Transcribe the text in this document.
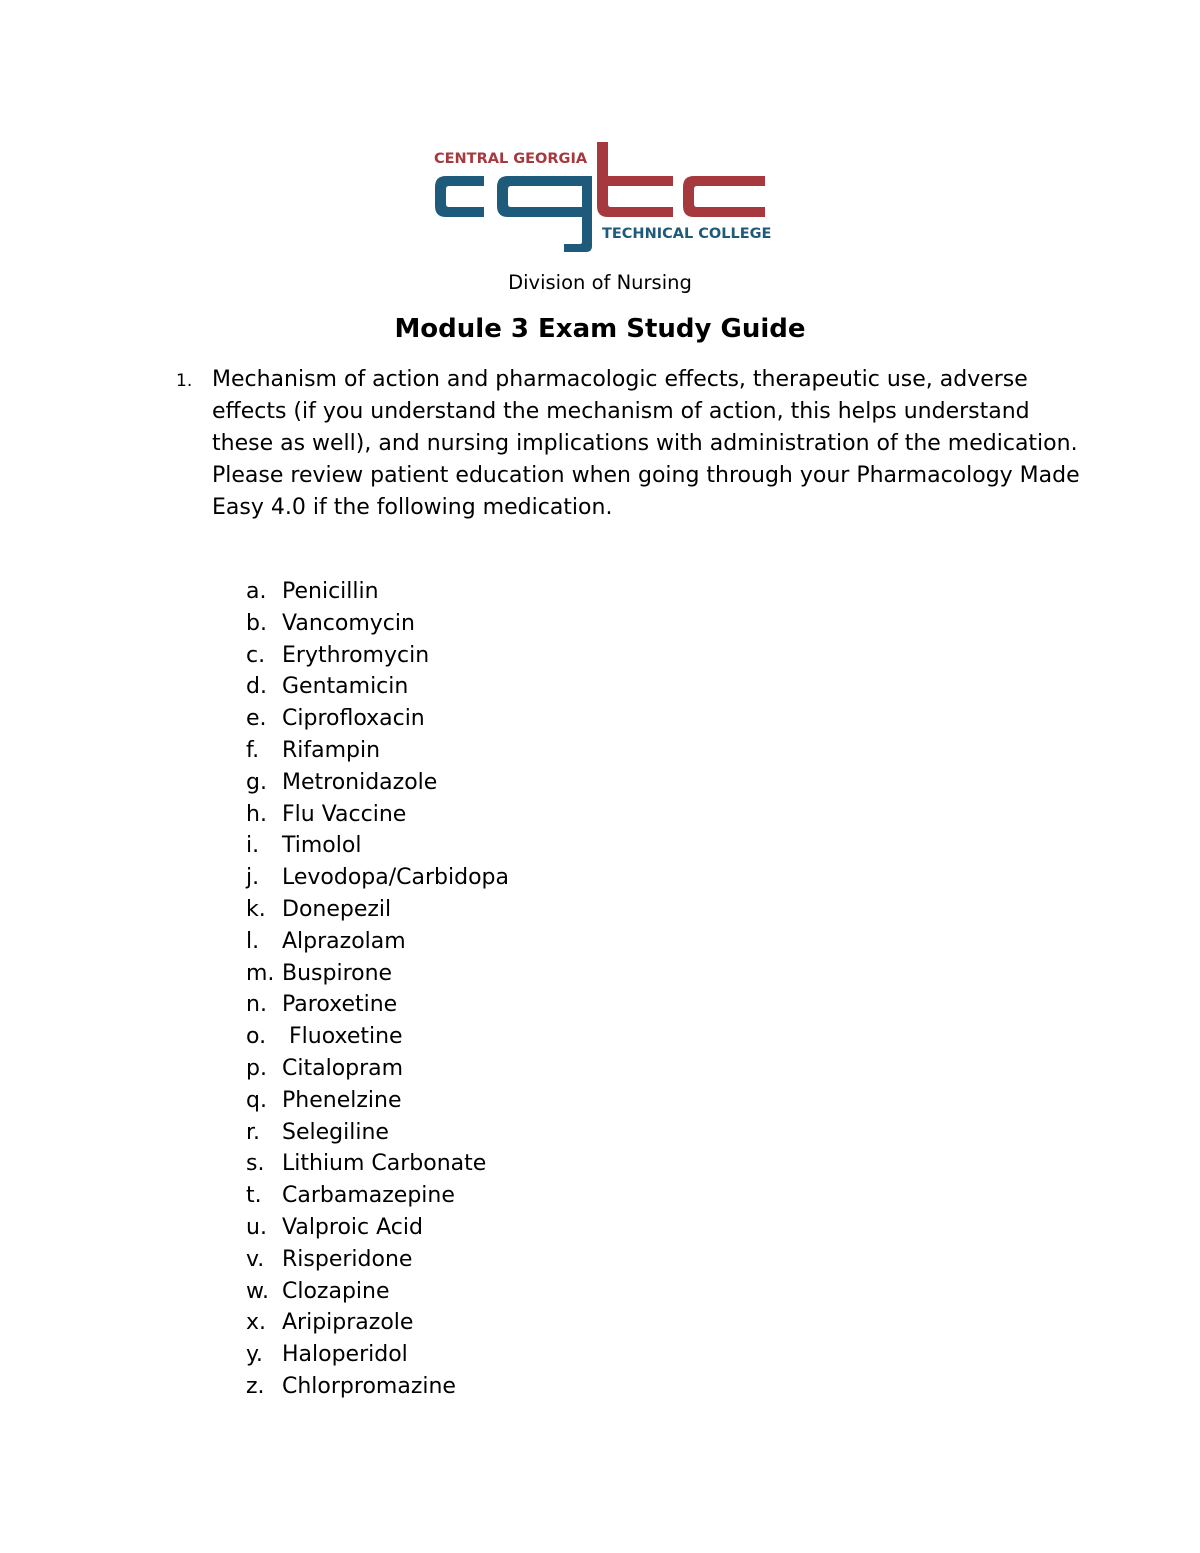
CENTRAL GEORGIA
TECHNICAL COLLEGE
Division of Nursing
Module 3 Exam Study Guide
1. Mechanism of action and pharmacologic effects, therapeutic use, adverse effects (if you understand the mechanism of action, this helps understand these as well), and nursing implications with administration of the medication. Please review patient education when going through your Pharmacology Made Easy 4.0 if the following medication.

a. Penicillin
b. Vancomycin
c. Erythromycin
d. Gentamicin
e. Ciprofloxacin
f. Rifampin
g. Metronidazole
h. Flu Vaccine
i. Timolol
j. Levodopa/Carbidopa
k. Donepezil
l. Alprazolam
m. Buspirone
n. Paroxetine
o. Fluoxetine
p. Citalopram
q. Phenelzine
r. Selegiline
s. Lithium Carbonate
t. Carbamazepine
u. Valproic Acid
v. Risperidone
w. Clozapine
x. Aripiprazole
y. Haloperidol
z. Chlorpromazine
